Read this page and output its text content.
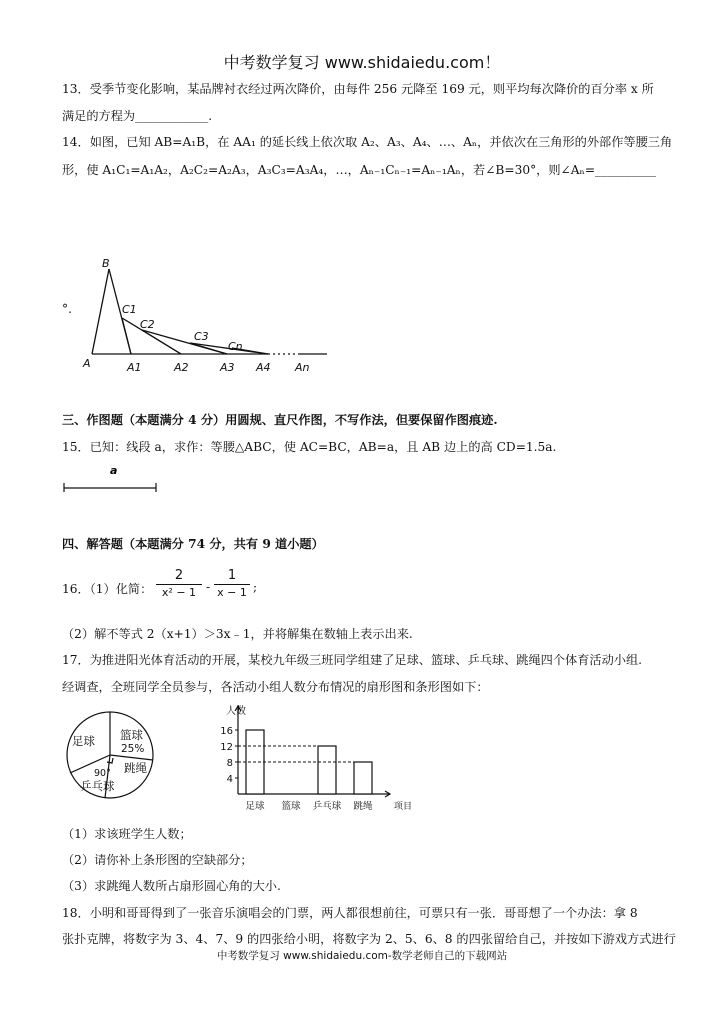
中考数学复习 www.shidaiedu.com！
13．受季节变化影响，某品牌衬衣经过两次降价，由每件 256 元降至 169 元，则平均每次降价的百分率 x 所
满足的方程为____________.
14．如图，已知 AB=A₁B，在 AA₁ 的延长线上依次取 A₂、A₃、A₄、…、Aₙ，并依次在三角形的外部作等腰三角
形，使 A₁C₁=A₁A₂，A₂C₂=A₂A₃，A₃C₃=A₃A₄，…，Aₙ₋₁Cₙ₋₁=Aₙ₋₁Aₙ，若∠B=30°，则∠Aₙ=__________
°.
B
A
C1
C2
C3
Cn
A1	A2	A3 A4 An
三、作图题（本题满分 4 分）用圆规、直尺作图，不写作法，但要保留作图痕迹.
15．已知：线段 a，求作：等腰△ABC，使 AC=BC，AB=a，且 AB 边上的高 CD=1.5a.
a
四、解答题（本题满分 74 分，共有 9 道小题）
16．（1）化简：
2
x² − 1 -
1
x − 1 ;
（2）解不等式 2（x+1）＞3x﹣1，并将解集在数轴上表示出来.
17．为推进阳光体育活动的开展，某校九年级三班同学组建了足球、篮球、乒乓球、跳绳四个体育活动小组.
经调查，全班同学全员参与，各活动小组人数分布情况的扇形图和条形图如下：
足球 篮球
25%
90° 跳绳
乒乓球	4
8
12
16
人数
项目
足球 篮球 乒乓球 跳绳
（1）求该班学生人数；
（2）请你补上条形图的空缺部分；
（3）求跳绳人数所占扇形圆心角的大小.
18．小明和哥哥得到了一张音乐演唱会的门票，两人都很想前往，可票只有一张．哥哥想了一个办法：拿 8
张扑克牌，将数字为 3、4、7、9 的四张给小明，将数字为 2、5、6、8 的四张留给自己，并按如下游戏方式进行
中考数学复习 www.shidaiedu.com-数学老师自己的下载网站
